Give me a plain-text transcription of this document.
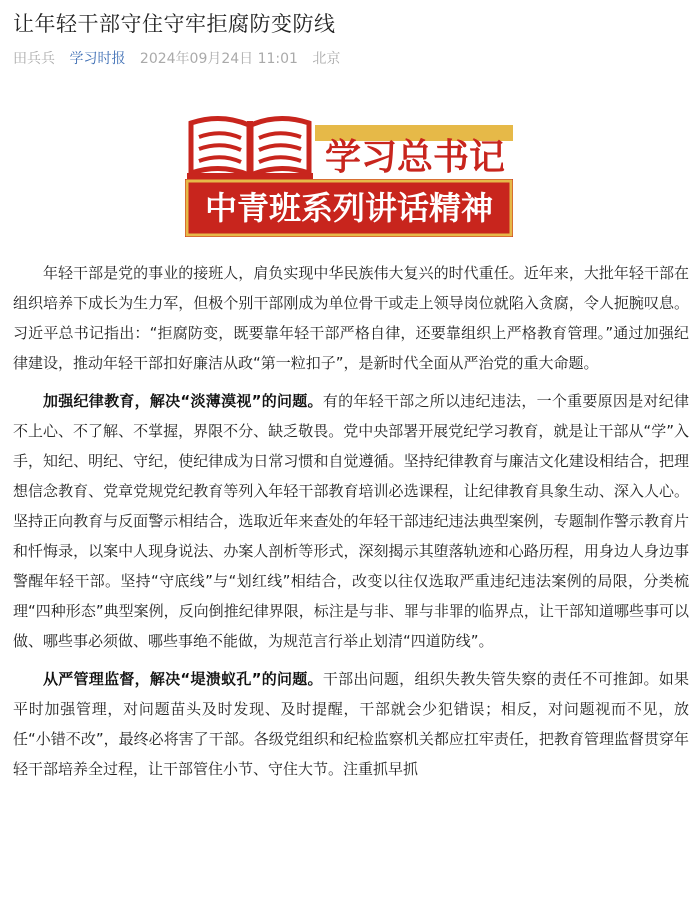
让年轻干部守住守牢拒腐防变防线
田兵兵 学习时报 2024年09月24日 11:01 北京
学习总书记
中青班系列讲话精神

年轻干部是党的事业的接班人，肩负实现中华民族伟大复兴的时代重任。近年来，大批年轻干部在组织培养下成长为生力军，但极个别干部刚成为单位骨干或走上领导岗位就陷入贪腐，令人扼腕叹息。习近平总书记指出：“拒腐防变，既要靠年轻干部严格自律，还要靠组织上严格教育管理。”通过加强纪律建设，推动年轻干部扣好廉洁从政“第一粒扣子”，是新时代全面从严治党的重大命题。

加强纪律教育，解决“淡薄漠视”的问题。有的年轻干部之所以违纪违法，一个重要原因是对纪律不上心、不了解、不掌握，界限不分、缺乏敬畏。党中央部署开展党纪学习教育，就是让干部从“学”入手，知纪、明纪、守纪，使纪律成为日常习惯和自觉遵循。坚持纪律教育与廉洁文化建设相结合，把理想信念教育、党章党规党纪教育等列入年轻干部教育培训必选课程，让纪律教育具象生动、深入人心。坚持正向教育与反面警示相结合，选取近年来查处的年轻干部违纪违法典型案例，专题制作警示教育片和忏悔录，以案中人现身说法、办案人剖析等形式，深刻揭示其堕落轨迹和心路历程，用身边人身边事警醒年轻干部。坚持“守底线”与“划红线”相结合，改变以往仅选取严重违纪违法案例的局限，分类梳理“四种形态”典型案例，反向倒推纪律界限，标注是与非、罪与非罪的临界点，让干部知道哪些事可以做、哪些事必须做、哪些事绝不能做，为规范言行举止划清“四道防线”。

从严管理监督，解决“堤溃蚁孔”的问题。干部出问题，组织失教失管失察的责任不可推卸。如果平时加强管理，对问题苗头及时发现、及时提醒，干部就会少犯错误；相反，对问题视而不见，放任“小错不改”，最终必将害了干部。各级党组织和纪检监察机关都应扛牢责任，把教育管理监督贯穿年轻干部培养全过程，让干部管住小节、守住大节。注重抓早抓
